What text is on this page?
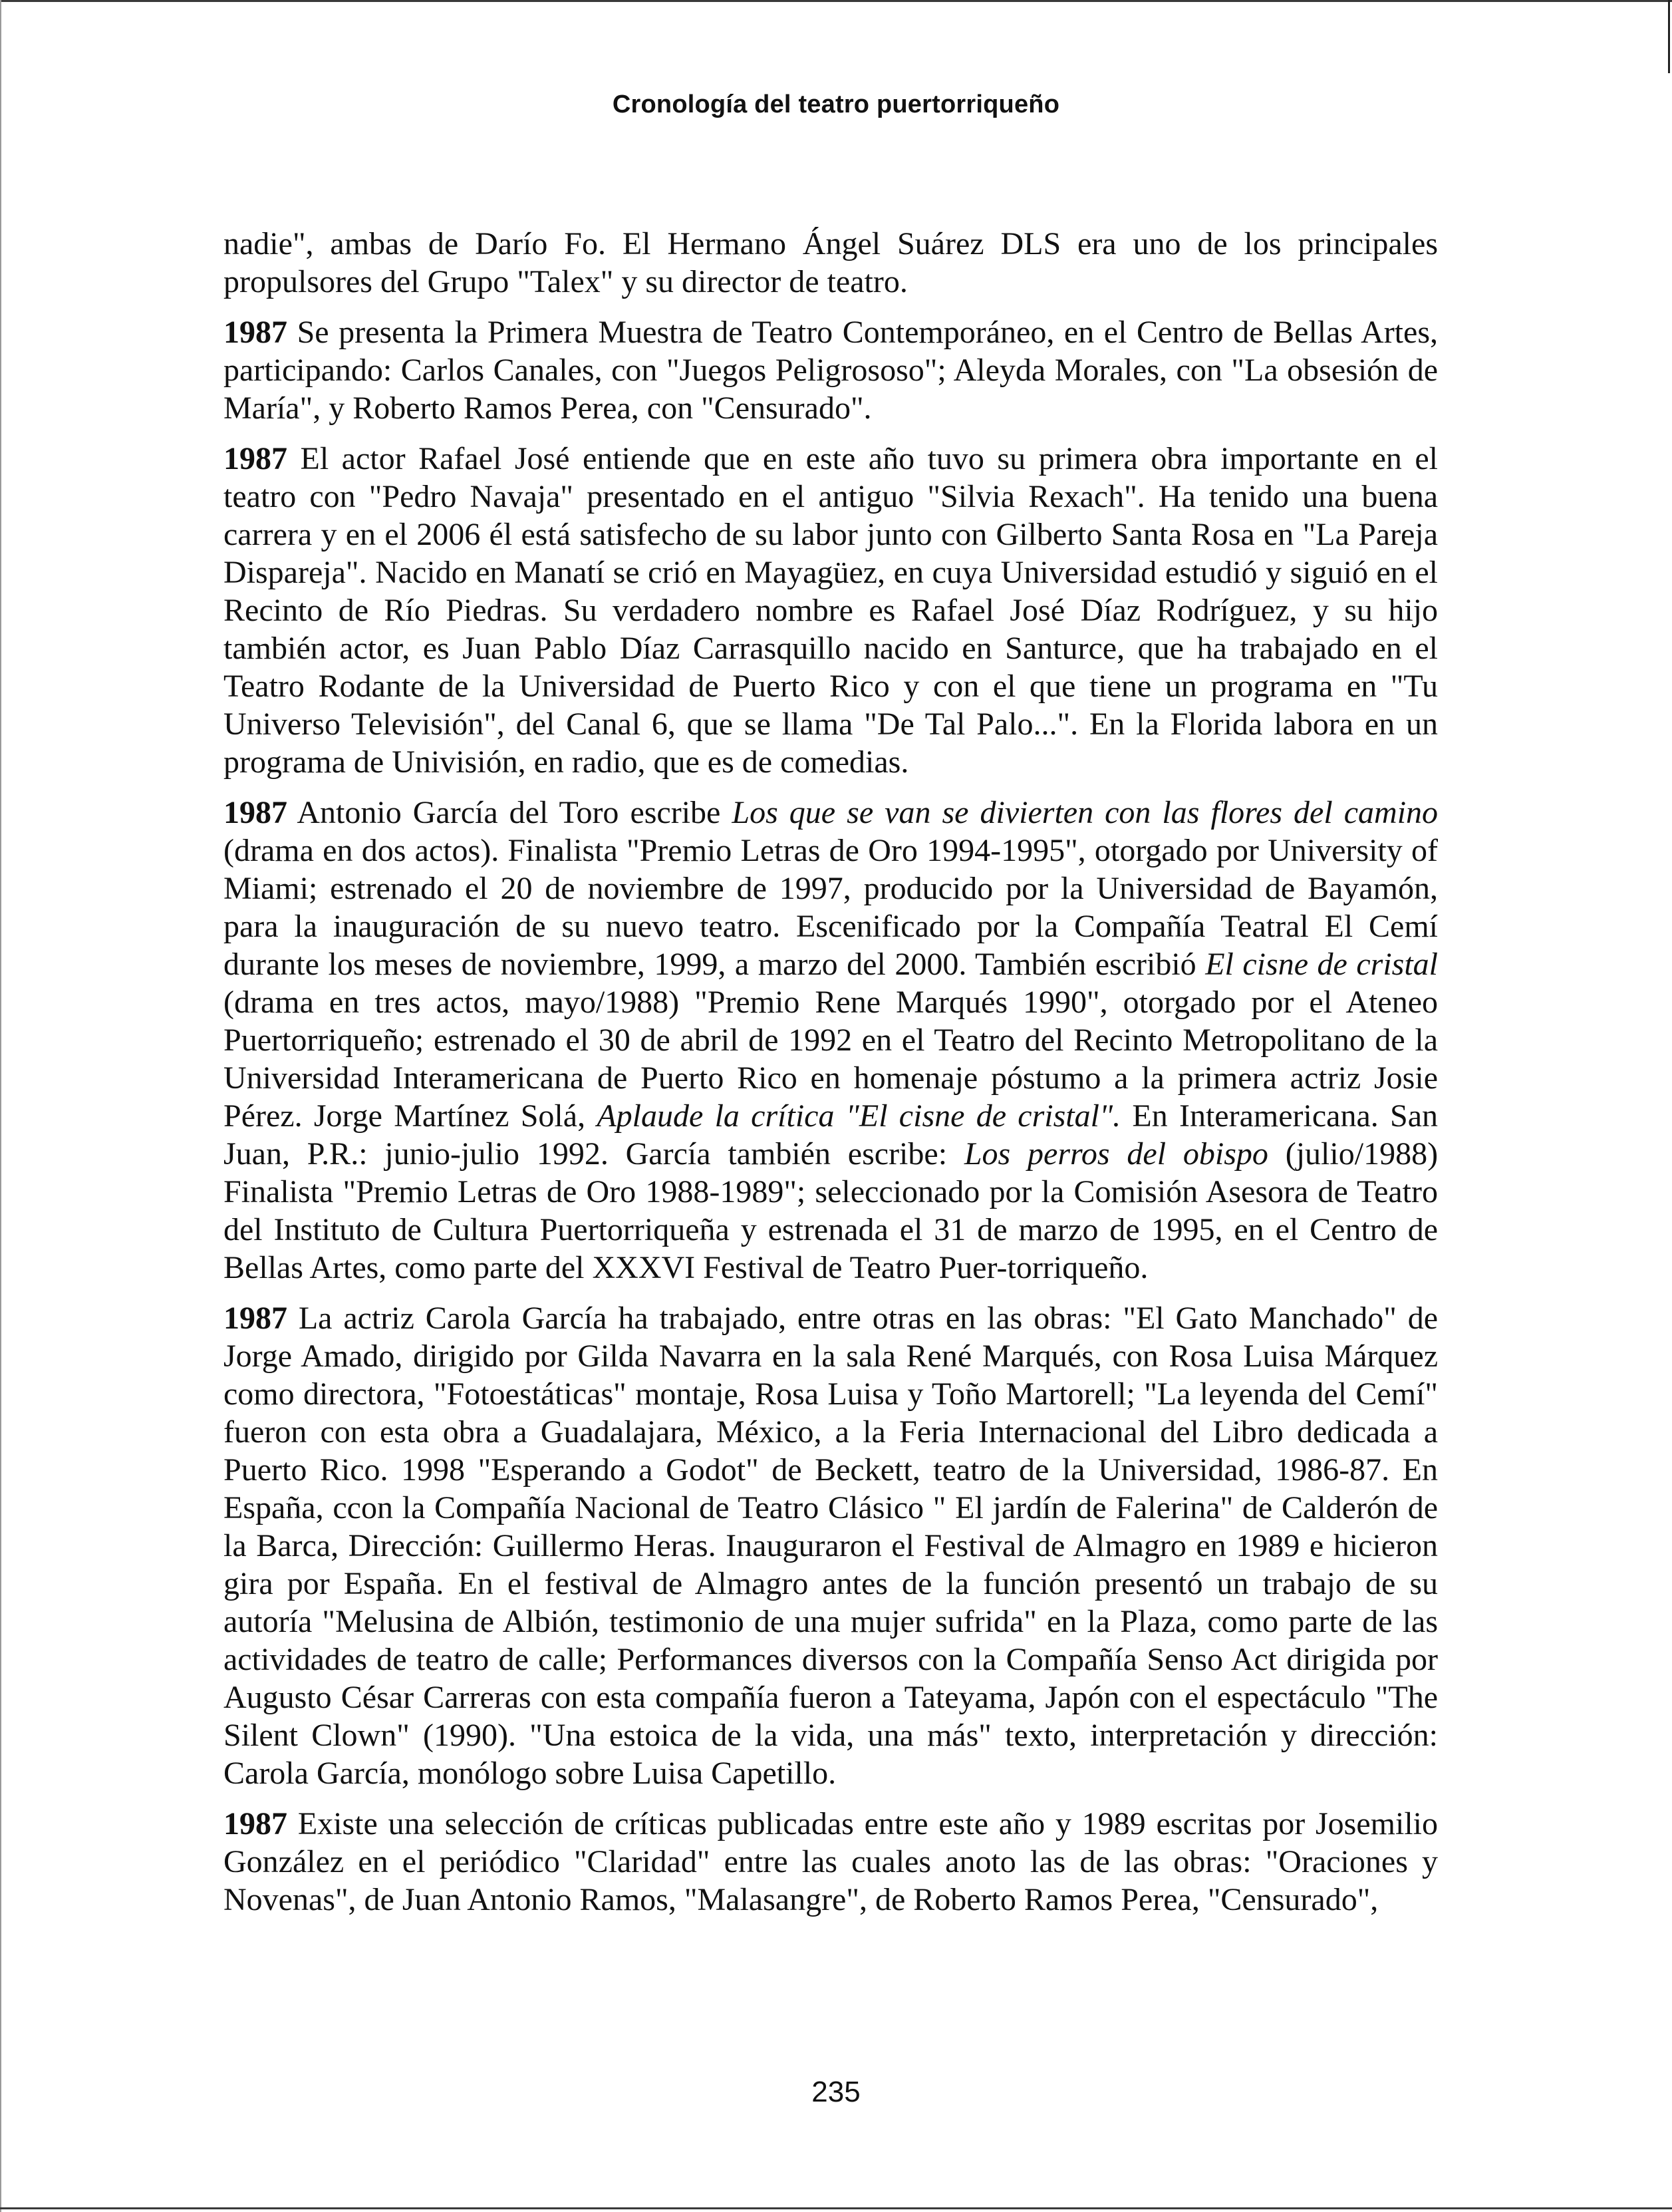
Cronología del teatro puertorriqueño

nadie", ambas de Darío Fo. El Hermano Ángel Suárez DLS era uno de los principales propulsores del Grupo "Talex" y su director de teatro.

1987 Se presenta la Primera Muestra de Teatro Contemporáneo, en el Centro de Bellas Artes, participando: Carlos Canales, con "Juegos Peligrososo"; Aleyda Morales, con "La obsesión de María", y Roberto Ramos Perea, con "Censurado".

1987 El actor Rafael José entiende que en este año tuvo su primera obra importante en el teatro con "Pedro Navaja" presentado en el antiguo "Silvia Rexach". Ha tenido una buena carrera y en el 2006 él está satisfecho de su labor junto con Gilberto Santa Rosa en "La Pareja Dispareja". Nacido en Manatí se crió en Mayagüez, en cuya Universidad estudió y siguió en el Recinto de Río Piedras. Su verdadero nombre es Rafael José Díaz Rodríguez, y su hijo también actor, es Juan Pablo Díaz Carrasquillo nacido en Santurce, que ha trabajado en el Teatro Rodante de la Universidad de Puerto Rico y con el que tiene un programa en "Tu Universo Televisión", del Canal 6, que se llama "De Tal Palo...". En la Florida labora en un programa de Univisión, en radio, que es de comedias.

1987 Antonio García del Toro escribe Los que se van se divierten con las flores del camino (drama en dos actos). Finalista "Premio Letras de Oro 1994-1995", otorgado por University of Miami; estrenado el 20 de noviembre de 1997, producido por la Universidad de Bayamón, para la inauguración de su nuevo teatro. Escenificado por la Compañía Teatral El Cemí durante los meses de noviembre, 1999, a marzo del 2000. También escribió El cisne de cristal (drama en tres actos, mayo/1988) "Premio Rene Marqués 1990", otorgado por el Ateneo Puertorriqueño; estrenado el 30 de abril de 1992 en el Teatro del Recinto Metropolitano de la Universidad Interamericana de Puerto Rico en homenaje póstumo a la primera actriz Josie Pérez. Jorge Martínez Solá, Aplaude la crítica "El cisne de cristal". En Interamericana. San Juan, P.R.: junio-julio 1992. García también escribe: Los perros del obispo (julio/1988) Finalista "Premio Letras de Oro 1988-1989"; seleccionado por la Comisión Asesora de Teatro del Instituto de Cultura Puertorriqueña y estrenada el 31 de marzo de 1995, en el Centro de Bellas Artes, como parte del XXXVI Festival de Teatro Puer-torriqueño.

1987 La actriz Carola García ha trabajado, entre otras en las obras: "El Gato Manchado" de Jorge Amado, dirigido por Gilda Navarra en la sala René Marqués, con Rosa Luisa Márquez como directora, "Fotoestáticas" montaje, Rosa Luisa y Toño Martorell; "La leyenda del Cemí" fueron con esta obra a Guadalajara, México, a la Feria Internacional del Libro dedicada a Puerto Rico. 1998 "Esperando a Godot" de Beckett, teatro de la Universidad, 1986-87. En España, ccon la Compañía Nacional de Teatro Clásico " El jardín de Falerina" de Calderón de la Barca, Dirección: Guillermo Heras. Inauguraron el Festival de Almagro en 1989 e hicieron gira por España. En el festival de Almagro antes de la función presentó un trabajo de su autoría "Melusina de Albión, testimonio de una mujer sufrida" en la Plaza, como parte de las actividades de teatro de calle; Performances diversos con la Compañía Senso Act dirigida por Augusto César Carreras con esta compañía fueron a Tateyama, Japón con el espectáculo "The Silent Clown" (1990). "Una estoica de la vida, una más" texto, interpretación y dirección: Carola García, monólogo sobre Luisa Capetillo.

1987 Existe una selección de críticas publicadas entre este año y 1989 escritas por Josemilio González en el periódico "Claridad" entre las cuales anoto las de las obras: "Oraciones y Novenas", de Juan Antonio Ramos, "Malasangre", de Roberto Ramos Perea, "Censurado",

235
